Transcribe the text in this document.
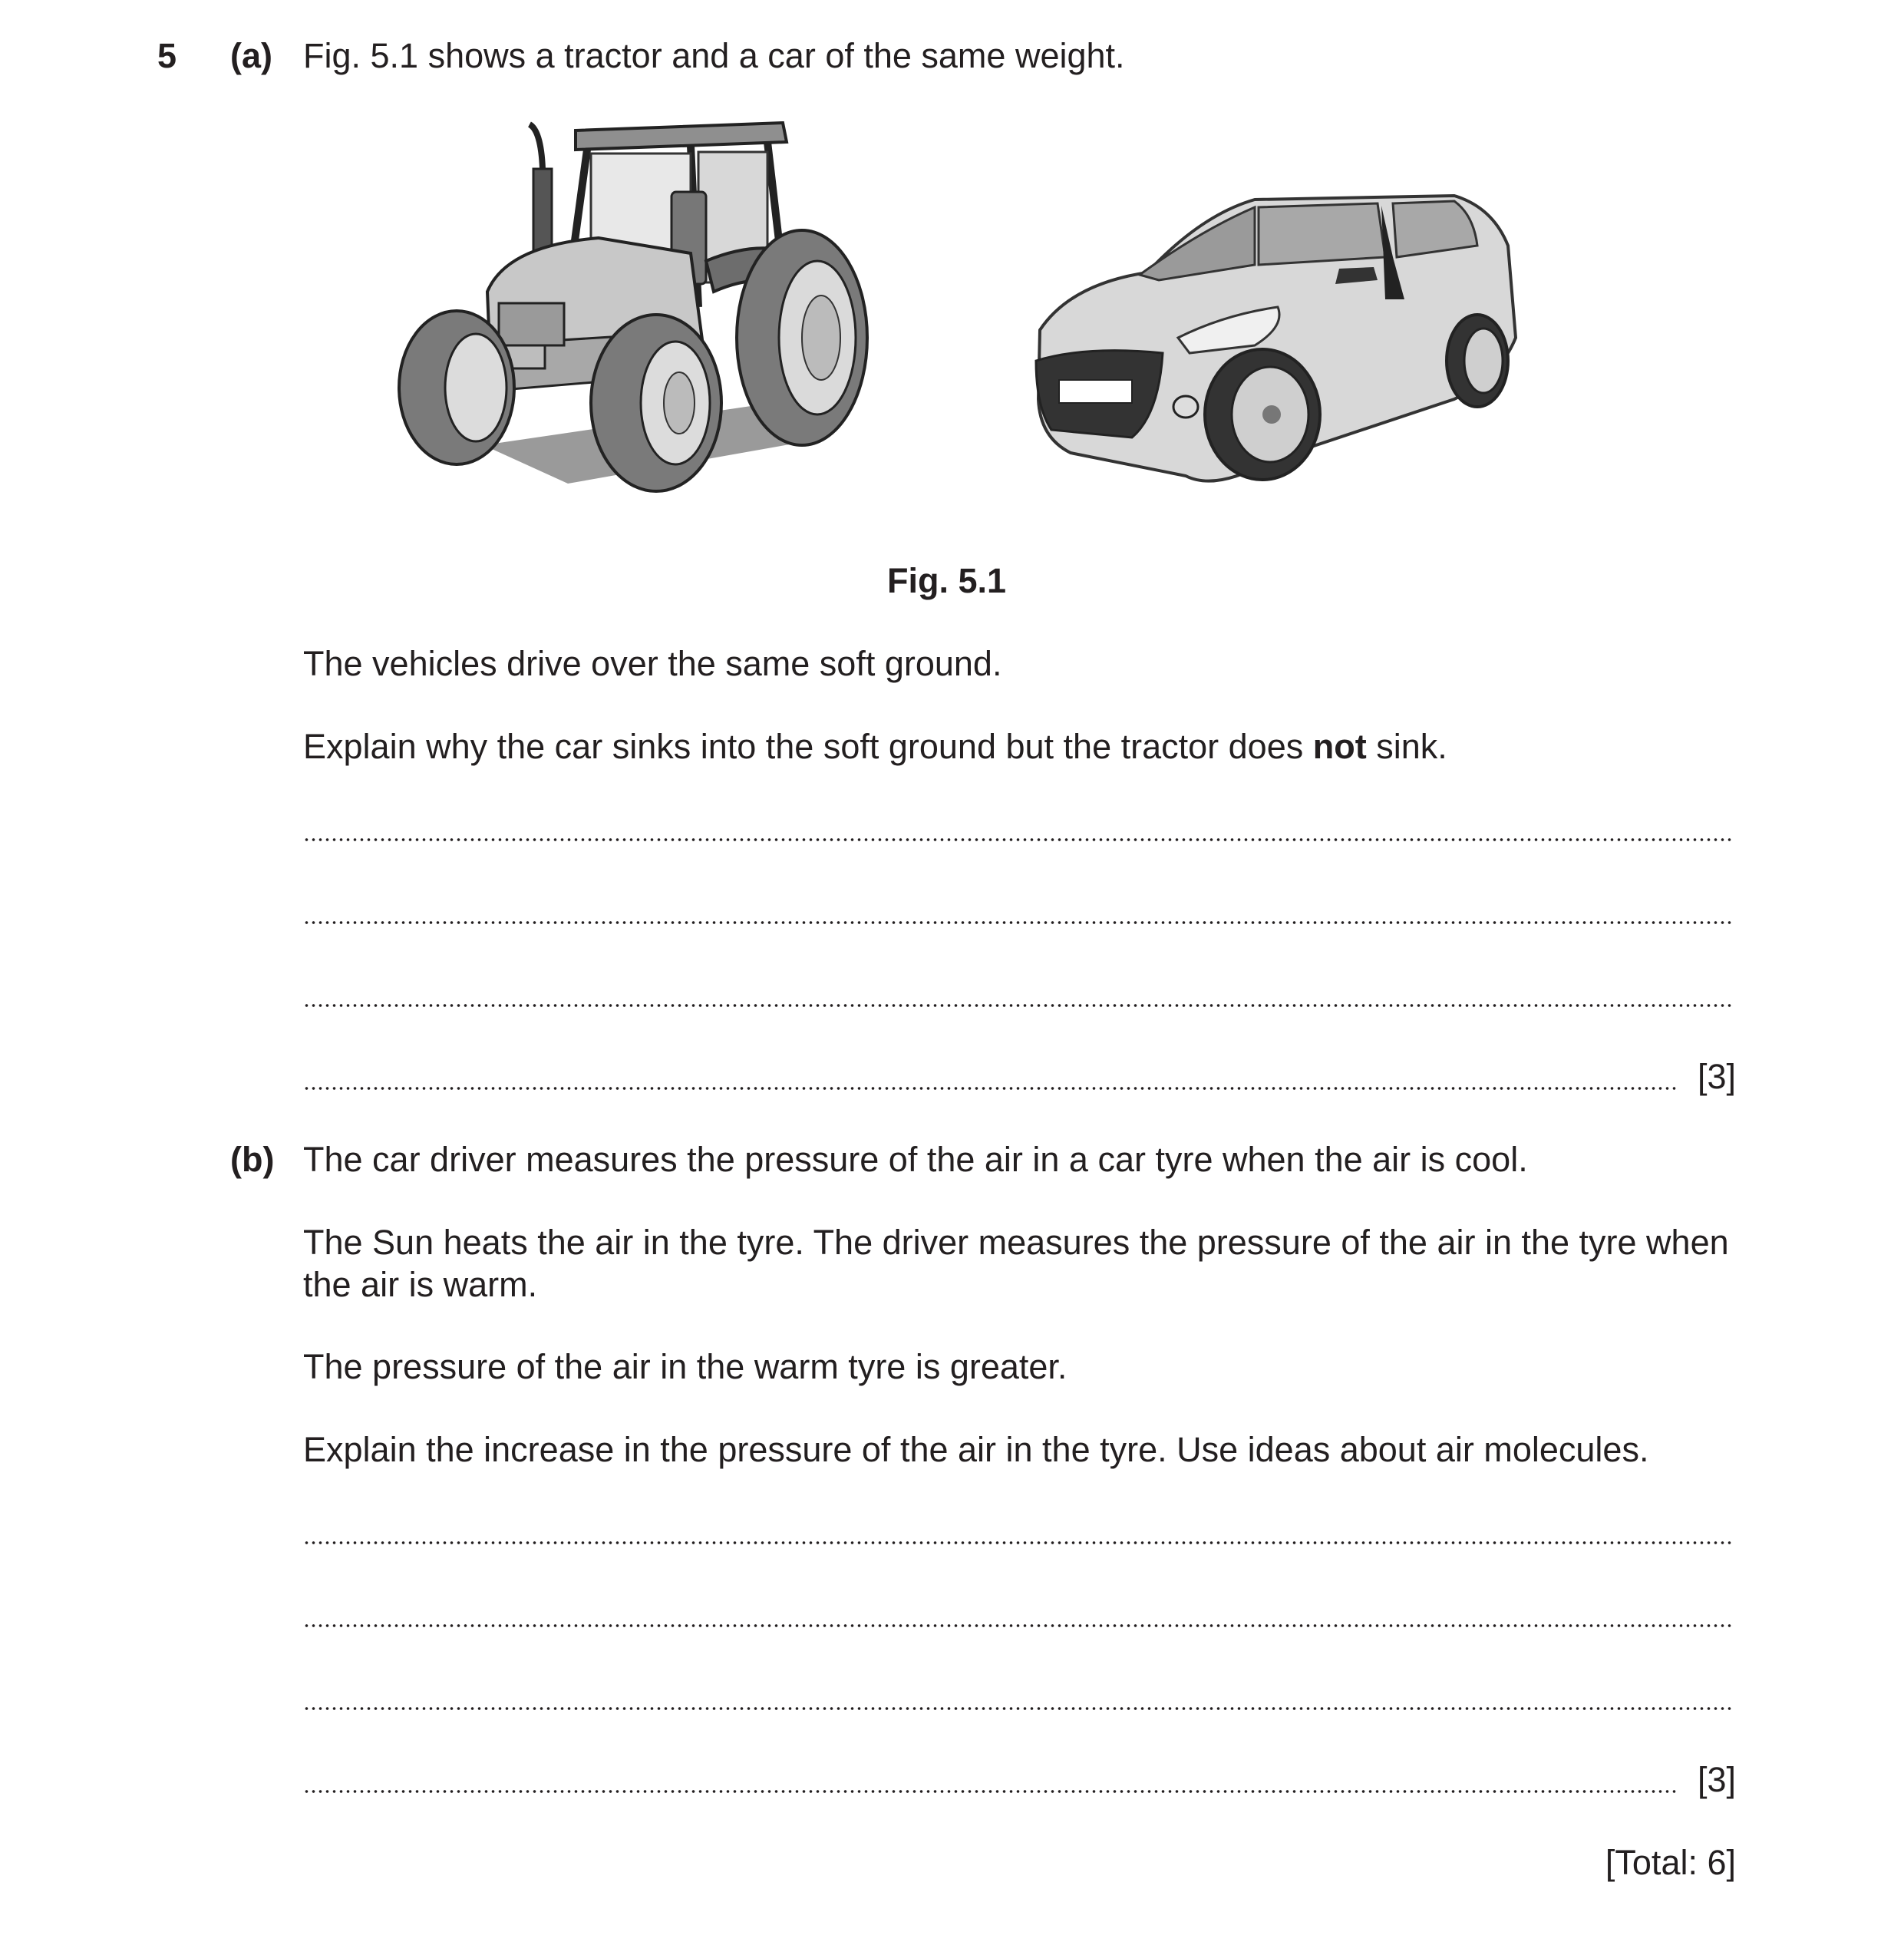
5 (a) Fig. 5.1 shows a tractor and a car of the same weight.
Fig. 5.1
The vehicles drive over the same soft ground.
Explain why the car sinks into the soft ground but the tractor does not sink.
[3]
(b) The car driver measures the pressure of the air in a car tyre when the air is cool.
The Sun heats the air in the tyre. The driver measures the pressure of the air in the tyre when
the air is warm.
The pressure of the air in the warm tyre is greater.
Explain the increase in the pressure of the air in the tyre. Use ideas about air molecules.
[3]
[Total: 6]
